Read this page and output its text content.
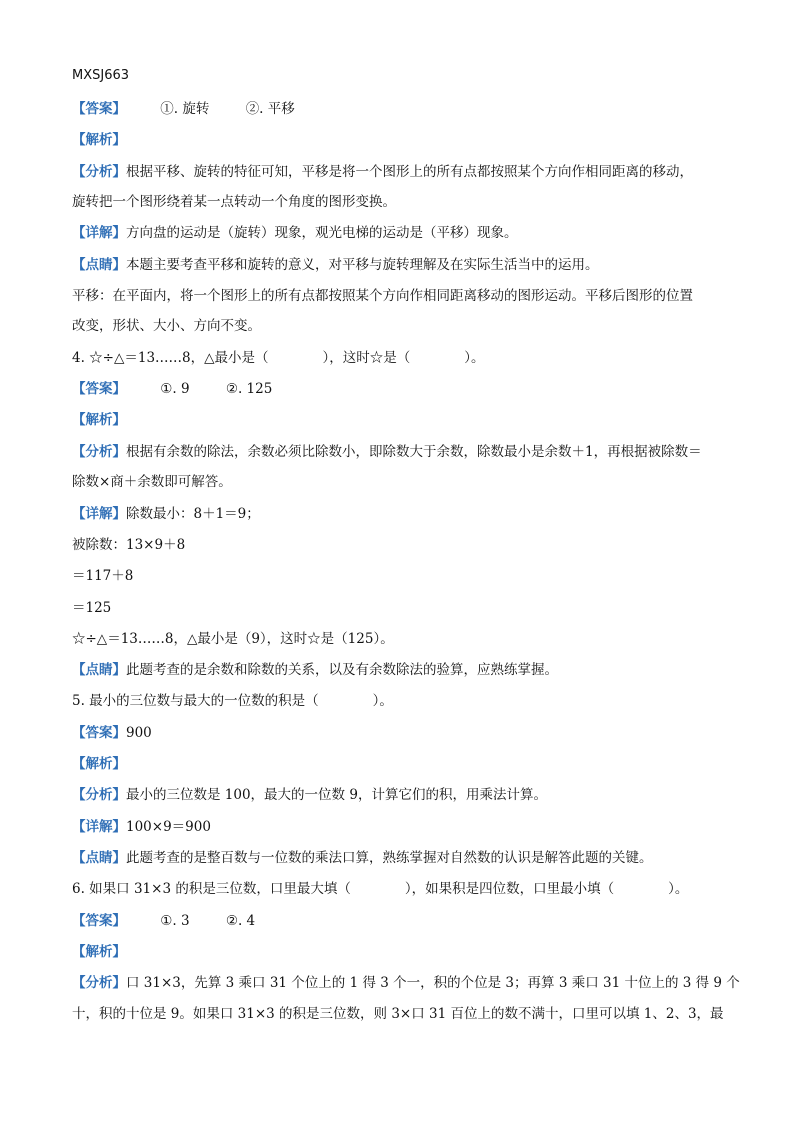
MXSJ663
【答案】	①. 旋转	②. 平移
【解析】
【分析】根据平移、旋转的特征可知，平移是将一个图形上的所有点都按照某个方向作相同距离的移动，
旋转把一个图形绕着某一点转动一个角度的图形变换。
【详解】方向盘的运动是（旋转）现象，观光电梯的运动是（平移）现象。
【点睛】本题主要考查平移和旋转的意义，对平移与旋转理解及在实际生活当中的运用。
平移：在平面内，将一个图形上的所有点都按照某个方向作相同距离移动的图形运动。平移后图形的位置
改变，形状、大小、方向不变。
4. ☆÷△＝13……8，△最小是（　　　　），这时☆是（　　　　）。
【答案】	①. 9	②. 125
【解析】
【分析】根据有余数的除法，余数必须比除数小，即除数大于余数，除数最小是余数＋1，再根据被除数＝
除数×商＋余数即可解答。
【详解】除数最小：8＋1＝9；
被除数：13×9＋8
＝117＋8
＝125
☆÷△＝13……8，△最小是（9），这时☆是（125）。
【点睛】此题考查的是余数和除数的关系，以及有余数除法的验算，应熟练掌握。
5. 最小的三位数与最大的一位数的积是（　　　　）。
【答案】900
【解析】
【分析】最小的三位数是 100，最大的一位数 9，计算它们的积，用乘法计算。
【详解】100×9＝900
【点睛】此题考查的是整百数与一位数的乘法口算，熟练掌握对自然数的认识是解答此题的关键。
6. 如果口 31×3 的积是三位数，口里最大填（　　　　），如果积是四位数，口里最小填（　　　　）。
【答案】	①. 3	②. 4
【解析】
【分析】口 31×3，先算 3 乘口 31 个位上的 1 得 3 个一，积的个位是 3；再算 3 乘口 31 十位上的 3 得 9 个
十，积的十位是 9。如果口 31×3 的积是三位数，则 3×口 31 百位上的数不满十，口里可以填 1、2、3，最
